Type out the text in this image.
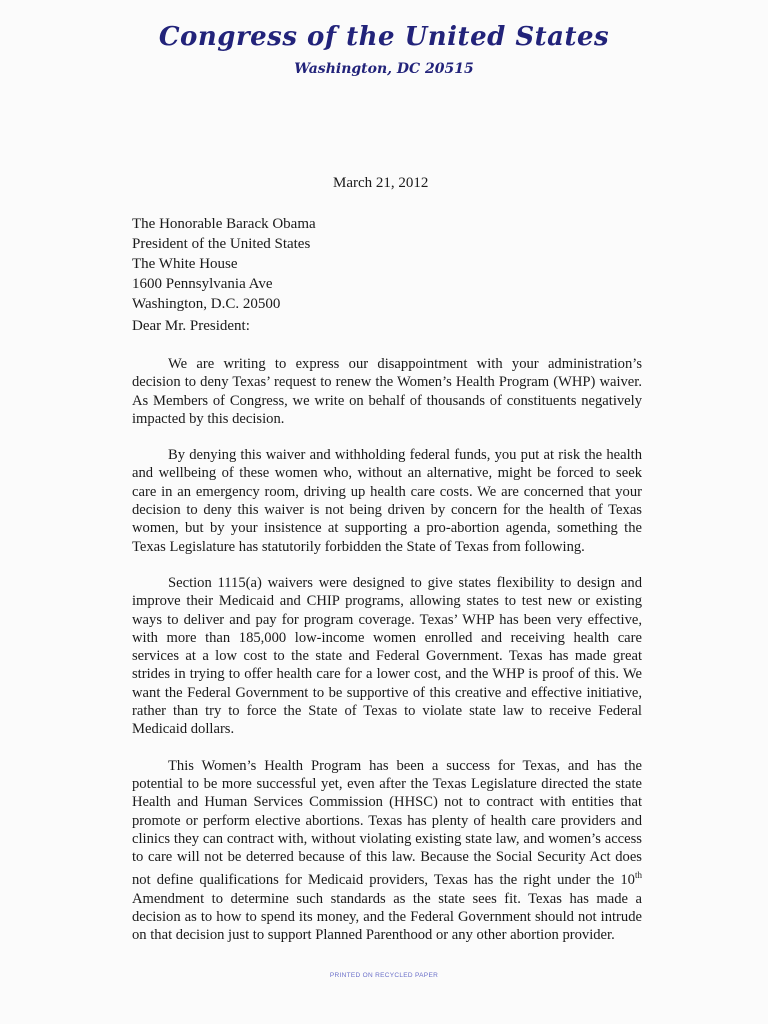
Congress of the United States
Washington, DC 20515
March 21, 2012
The Honorable Barack Obama
President of the United States
The White House
1600 Pennsylvania Ave
Washington, D.C. 20500
Dear Mr. President:

We are writing to express our disappointment with your administration’s decision to deny Texas’ request to renew the Women’s Health Program (WHP) waiver. As Members of Congress, we write on behalf of thousands of constituents negatively impacted by this decision.

By denying this waiver and withholding federal funds, you put at risk the health and wellbeing of these women who, without an alternative, might be forced to seek care in an emergency room, driving up health care costs. We are concerned that your decision to deny this waiver is not being driven by concern for the health of Texas women, but by your insistence at supporting a pro-abortion agenda, something the Texas Legislature has statutorily forbidden the State of Texas from following.

Section 1115(a) waivers were designed to give states flexibility to design and improve their Medicaid and CHIP programs, allowing states to test new or existing ways to deliver and pay for program coverage. Texas’ WHP has been very effective, with more than 185,000 low-income women enrolled and receiving health care services at a low cost to the state and Federal Government. Texas has made great strides in trying to offer health care for a lower cost, and the WHP is proof of this. We want the Federal Government to be supportive of this creative and effective initiative, rather than try to force the State of Texas to violate state law to receive Federal Medicaid dollars.

This Women’s Health Program has been a success for Texas, and has the potential to be more successful yet, even after the Texas Legislature directed the state Health and Human Services Commission (HHSC) not to contract with entities that promote or perform elective abortions. Texas has plenty of health care providers and clinics they can contract with, without violating existing state law, and women’s access to care will not be deterred because of this law. Because the Social Security Act does not define qualifications for Medicaid providers, Texas has the right under the 10th Amendment to determine such standards as the state sees fit. Texas has made a decision as to how to spend its money, and the Federal Government should not intrude on that decision just to support Planned Parenthood or any other abortion provider.

PRINTED ON RECYCLED PAPER
